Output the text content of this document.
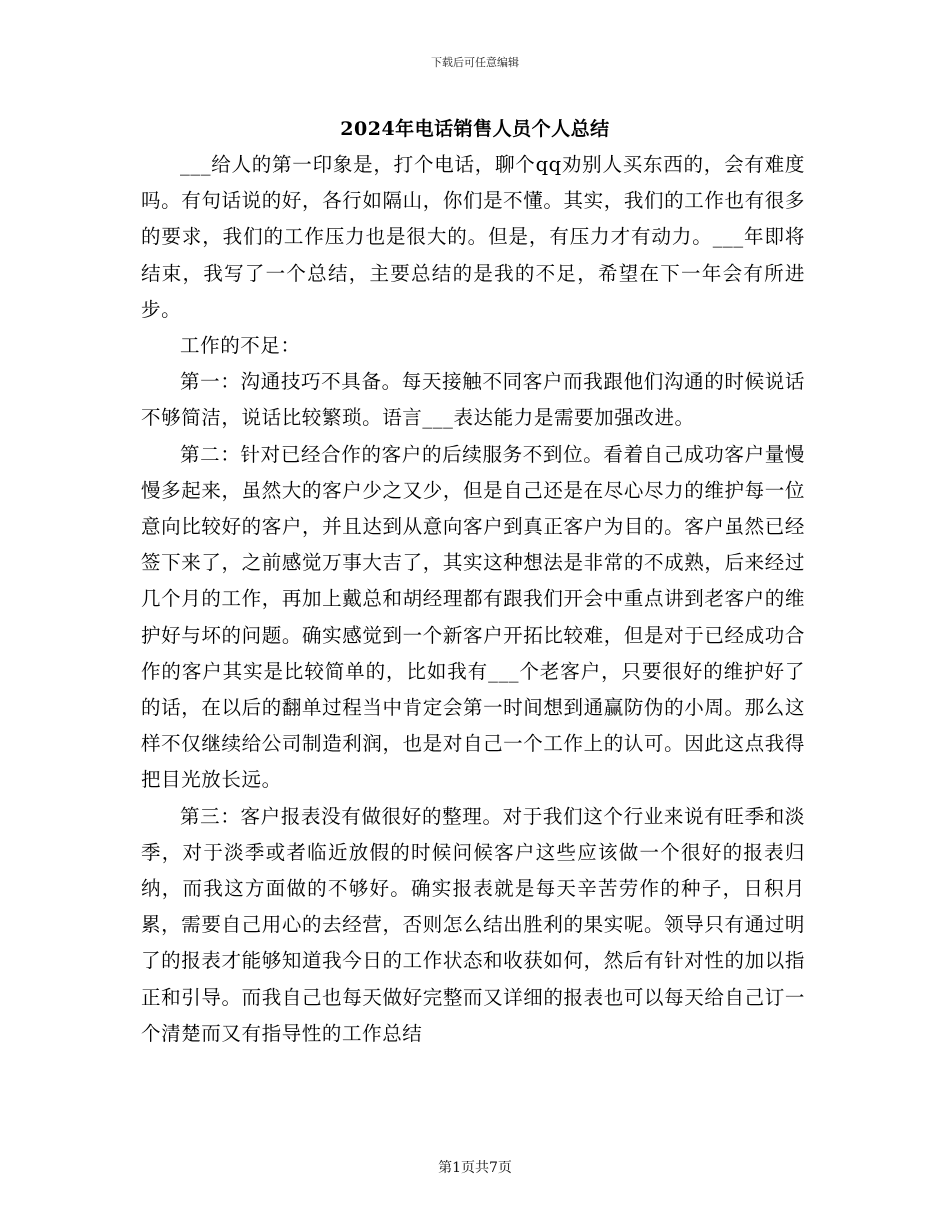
下载后可任意编辑
2024年电话销售人员个人总结

___给人的第一印象是，打个电话，聊个qq劝别人买东西的，会有难度吗。有句话说的好，各行如隔山，你们是不懂。其实，我们的工作也有很多的要求，我们的工作压力也是很大的。但是，有压力才有动力。___年即将结束，我写了一个总结，主要总结的是我的不足，希望在下一年会有所进步。

工作的不足：

第一：沟通技巧不具备。每天接触不同客户而我跟他们沟通的时候说话不够简洁，说话比较繁琐。语言___表达能力是需要加强改进。

第二：针对已经合作的客户的后续服务不到位。看着自己成功客户量慢慢多起来，虽然大的客户少之又少，但是自己还是在尽心尽力的维护每一位意向比较好的客户，并且达到从意向客户到真正客户为目的。客户虽然已经签下来了，之前感觉万事大吉了，其实这种想法是非常的不成熟，后来经过几个月的工作，再加上戴总和胡经理都有跟我们开会中重点讲到老客户的维护好与坏的问题。确实感觉到一个新客户开拓比较难，但是对于已经成功合作的客户其实是比较简单的，比如我有___个老客户，只要很好的维护好了的话，在以后的翻单过程当中肯定会第一时间想到通赢防伪的小周。那么这样不仅继续给公司制造利润，也是对自己一个工作上的认可。因此这点我得把目光放长远。

第三：客户报表没有做很好的整理。对于我们这个行业来说有旺季和淡季，对于淡季或者临近放假的时候问候客户这些应该做一个很好的报表归纳，而我这方面做的不够好。确实报表就是每天辛苦劳作的种子，日积月累，需要自己用心的去经营，否则怎么结出胜利的果实呢。领导只有通过明了的报表才能够知道我今日的工作状态和收获如何，然后有针对性的加以指正和引导。而我自己也每天做好完整而又详细的报表也可以每天给自己订一个清楚而又有指导性的工作总结

第1页共7页
